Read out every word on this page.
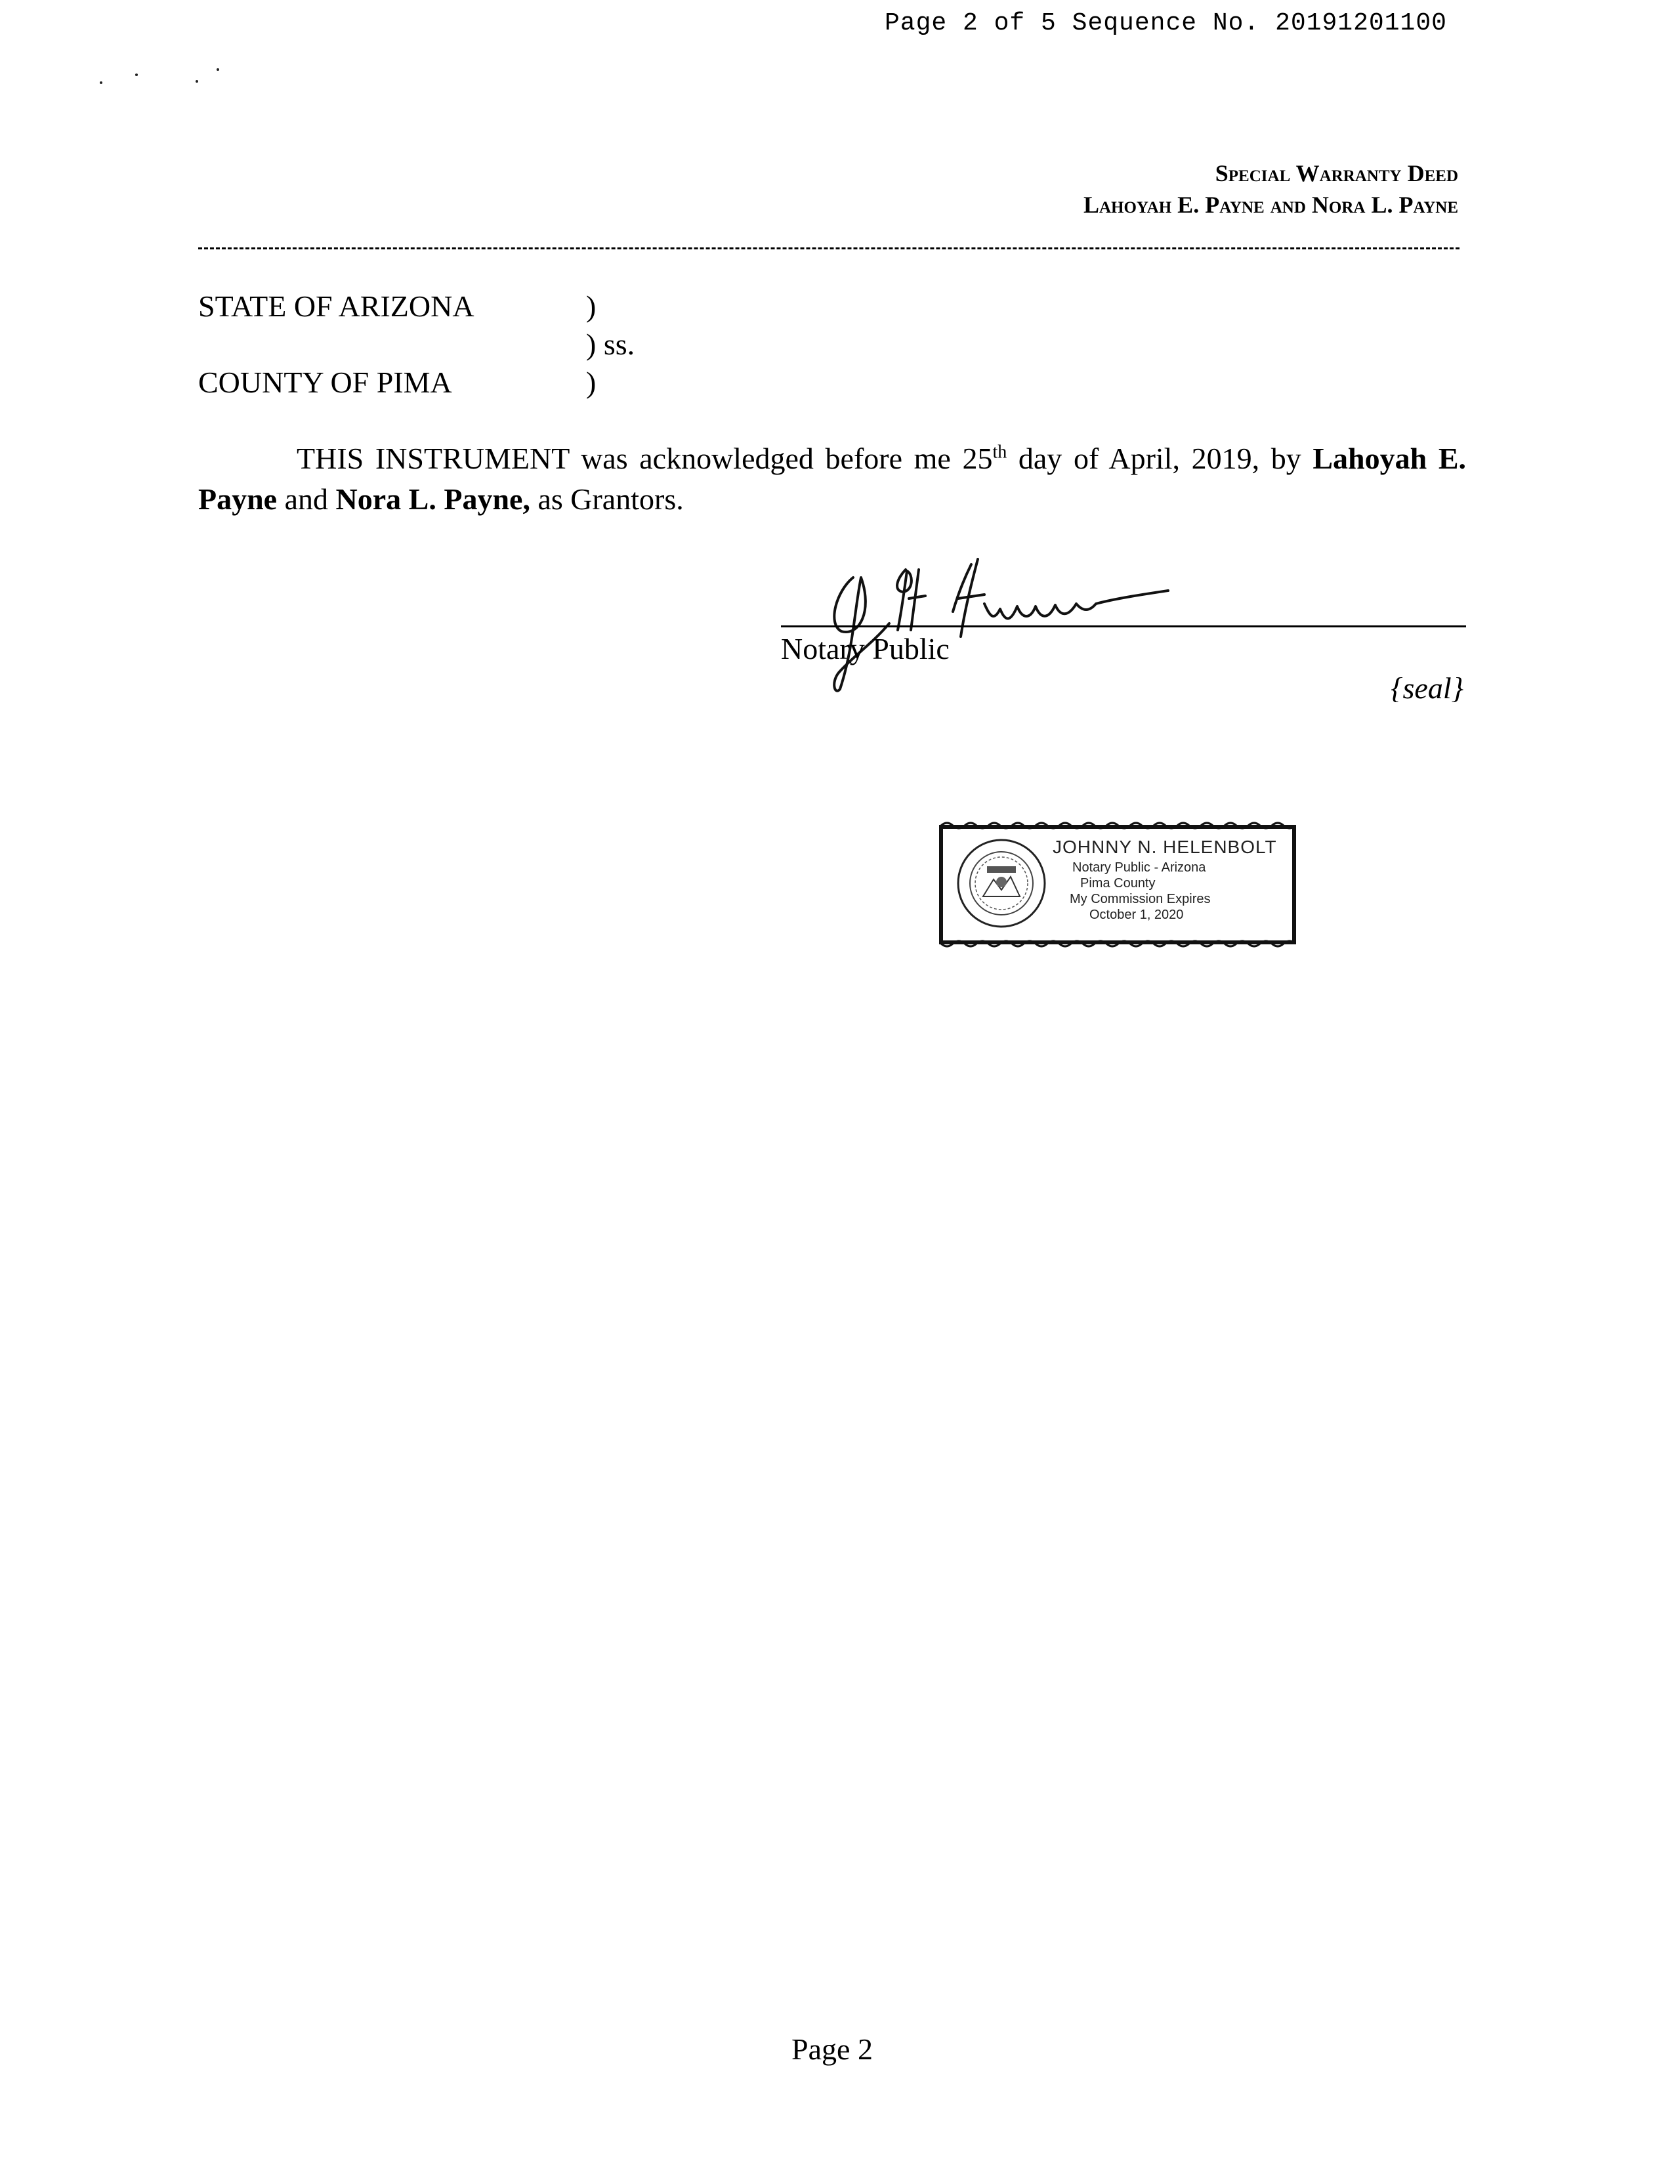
Page 2 of 5 Sequence No. 20191201100
Special Warranty Deed
Lahoyah E. Payne and Nora L. Payne
STATE OF ARIZONA	)
) ss.
COUNTY OF PIMA	)
THIS INSTRUMENT was acknowledged before me 25th day of April, 2019, by Lahoyah E. Payne and Nora L. Payne, as Grantors.
Notary Public
{seal}
JOHNNY N. HELENBOLT
Notary Public - Arizona
Pima County
My Commission Expires
October 1, 2020
Page 2
